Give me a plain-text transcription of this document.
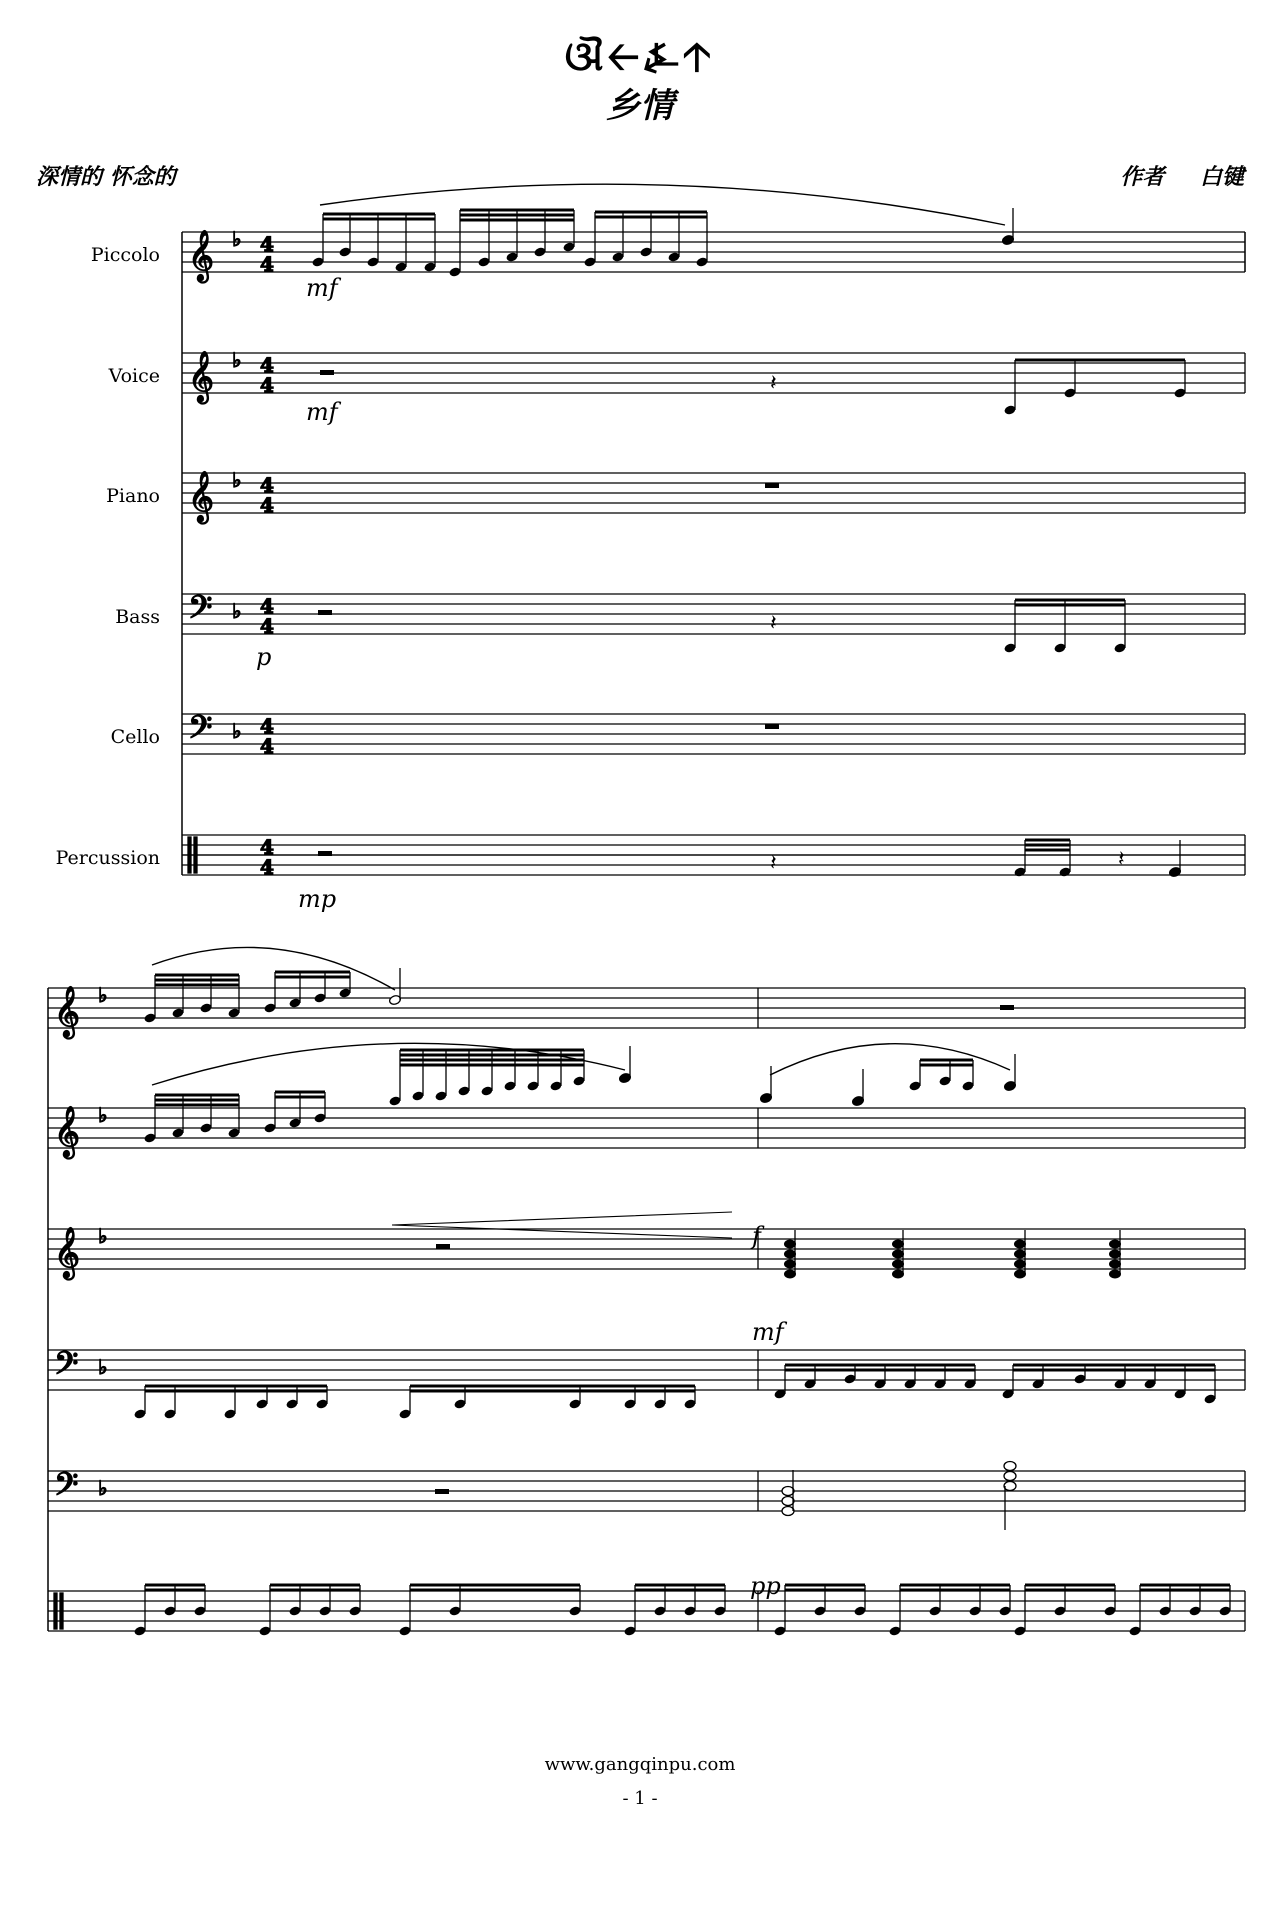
𝄞 ♭ 4
4
𝄞 ♭ 4
4
𝄞 ♭ 4
4
𝄢 ♭ 4
4
𝄢 ♭ 4
4
4
4
𝄞 ♭
𝄞 ♭
𝄞 ♭
𝄢 ♭
𝄢 ♭
𝄽
𝄽
𝄽	𝄽
mf
mf
p
mp
f
mf
pp
ଔ🡠⍼🡡
乡情
深情的 怀念的	作者 白键
Piccolo
Voice
Piano
Bass
Cello
Percussion
www.gangqinpu.com
- 1 -
